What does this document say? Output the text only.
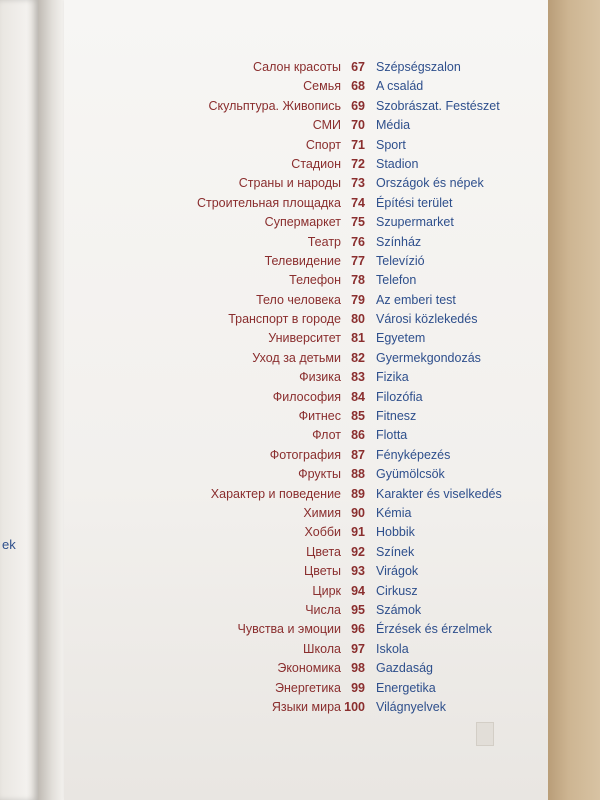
ek
Салон красоты 67 Szépségszalon
Семья 68 A család
Скульптура. Живопись 69 Szobrászat. Festészet
СМИ 70 Média
Спорт 71 Sport
Стадион 72 Stadion
Страны и народы 73 Országok és népek
Строительная площадка 74 Építési terület
Супермаркет 75 Szupermarket
Театр 76 Színház
Телевидение 77 Televízió
Телефон 78 Telefon
Тело человека 79 Az emberi test
Транспорт в городе 80 Városi közlekedés
Университет 81 Egyetem
Уход за детьми 82 Gyermekgondozás
Физика 83 Fizika
Философия 84 Filozófia
Фитнес 85 Fitnesz
Флот 86 Flotta
Фотография 87 Fényképezés
Фрукты 88 Gyümölcsök
Характер и поведение 89 Karakter és viselkedés
Химия 90 Kémia
Хобби 91 Hobbik
Цвета 92 Színek
Цветы 93 Virágok
Цирк 94 Cirkusz
Числа 95 Számok
Чувства и эмоции 96 Érzések és érzelmek
Школа 97 Iskola
Экономика 98 Gazdaság
Энергетика 99 Energetika
Языки мира 100 Világnyelvek
